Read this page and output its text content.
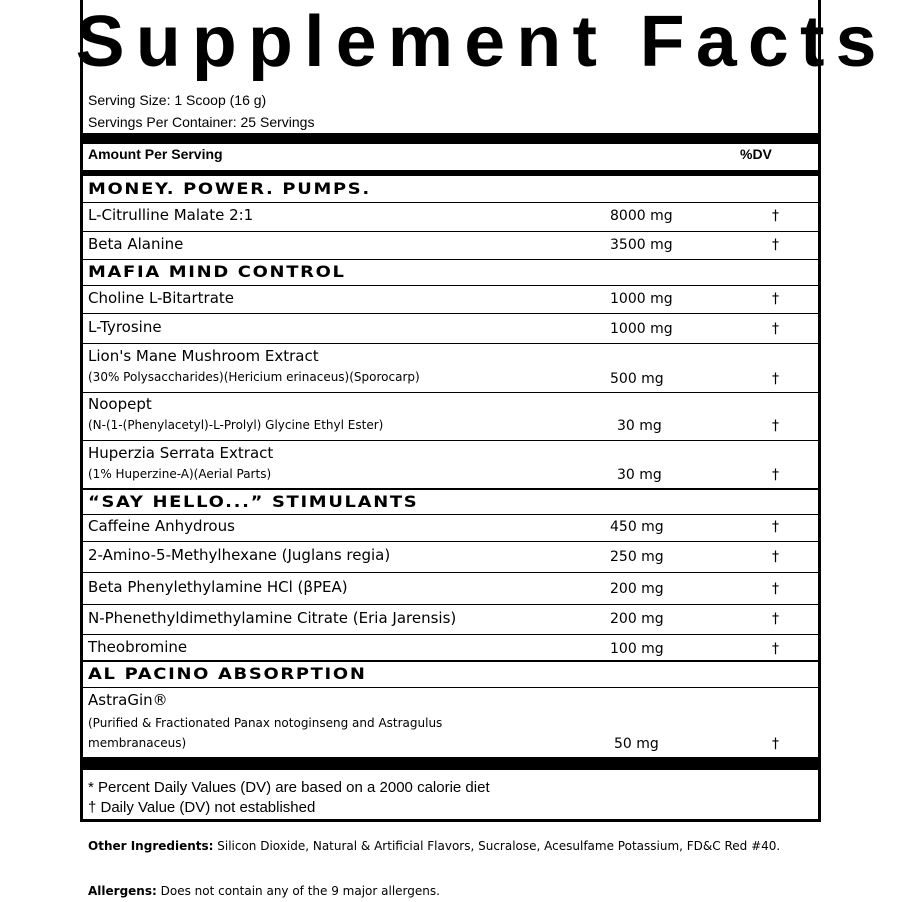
Supplement Facts
Serving Size: 1 Scoop (16 g)
Servings Per Container: 25 Servings
Amount Per Serving	%DV
MONEY. POWER. PUMPS.
L-Citrulline Malate 2:1	8000 mg	†
Beta Alanine	3500 mg	†
MAFIA MIND CONTROL
Choline L-Bitartrate	1000 mg	†
L-Tyrosine	1000 mg	†
Lion's Mane Mushroom Extract
(30% Polysaccharides)(Hericium erinaceus)(Sporocarp)	500 mg	†
Noopept
(N-(1-(Phenylacetyl)-L-Prolyl) Glycine Ethyl Ester)	30 mg	†
Huperzia Serrata Extract
(1% Huperzine-A)(Aerial Parts)	30 mg	†
“SAY HELLO...” STIMULANTS
Caffeine Anhydrous	450 mg	†
2-Amino-5-Methylhexane (Juglans regia)	250 mg	†
Beta Phenylethylamine HCl (βPEA)	200 mg	†
N-Phenethyldimethylamine Citrate (Eria Jarensis)	200 mg	†
Theobromine	100 mg	†
AL PACINO ABSORPTION
AstraGin®
(Purified & Fractionated Panax notoginseng and Astragulus
membranaceus)	50 mg	†
* Percent Daily Values (DV) are based on a 2000 calorie diet
† Daily Value (DV) not established
Other Ingredients: Silicon Dioxide, Natural & Artificial Flavors, Sucralose, Acesulfame Potassium, FD&C Red #40.
Allergens: Does not contain any of the 9 major allergens.
